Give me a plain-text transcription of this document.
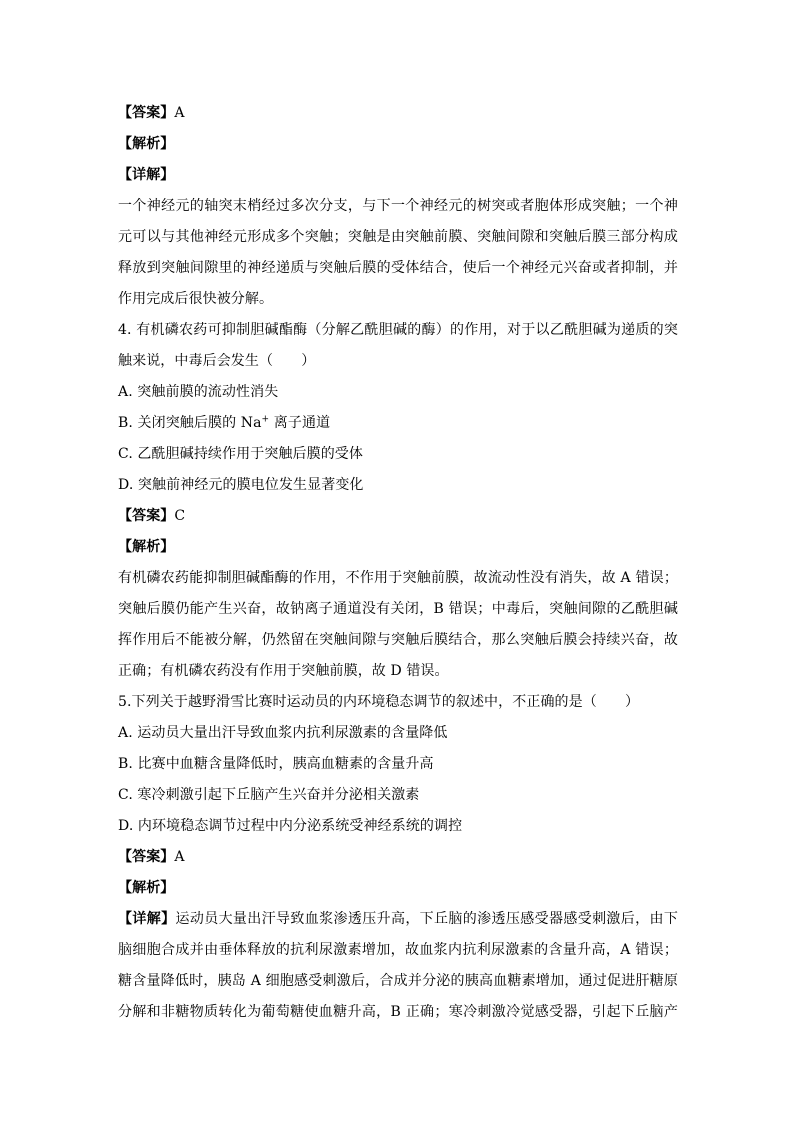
【答案】A
【解析】
【详解】
一个神经元的轴突末梢经过多次分支，与下一个神经元的树突或者胞体形成突触；一个神
元可以与其他神经元形成多个突触；突触是由突触前膜、突触间隙和突触后膜三部分构成
释放到突触间隙里的神经递质与突触后膜的受体结合，使后一个神经元兴奋或者抑制，并
作用完成后很快被分解。
4. 有机磷农药可抑制胆碱酯酶（分解乙酰胆碱的酶）的作用，对于以乙酰胆碱为递质的突
触来说，中毒后会发生（　　）
A. 突触前膜的流动性消失
B. 关闭突触后膜的 Na+ 离子通道
C. 乙酰胆碱持续作用于突触后膜的受体
D. 突触前神经元的膜电位发生显著变化
【答案】C
【解析】
有机磷农药能抑制胆碱酯酶的作用，不作用于突触前膜，故流动性没有消失，故 A 错误；
突触后膜仍能产生兴奋，故钠离子通道没有关闭，B 错误；中毒后，突触间隙的乙酰胆碱
挥作用后不能被分解，仍然留在突触间隙与突触后膜结合，那么突触后膜会持续兴奋，故
正确；有机磷农药没有作用于突触前膜，故 D 错误。
5.下列关于越野滑雪比赛时运动员的内环境稳态调节的叙述中，不正确的是（　　）
A. 运动员大量出汗导致血浆内抗利尿激素的含量降低
B. 比赛中血糖含量降低时，胰高血糖素的含量升高
C. 寒冷刺激引起下丘脑产生兴奋并分泌相关激素
D. 内环境稳态调节过程中内分泌系统受神经系统的调控
【答案】A
【解析】
【详解】运动员大量出汗导致血浆渗透压升高，下丘脑的渗透压感受器感受刺激后，由下
脑细胞合成并由垂体释放的抗利尿激素增加，故血浆内抗利尿激素的含量升高，A 错误；
糖含量降低时，胰岛 A 细胞感受刺激后，合成并分泌的胰高血糖素增加，通过促进肝糖原
分解和非糖物质转化为葡萄糖使血糖升高，B 正确；寒冷刺激冷觉感受器，引起下丘脑产
